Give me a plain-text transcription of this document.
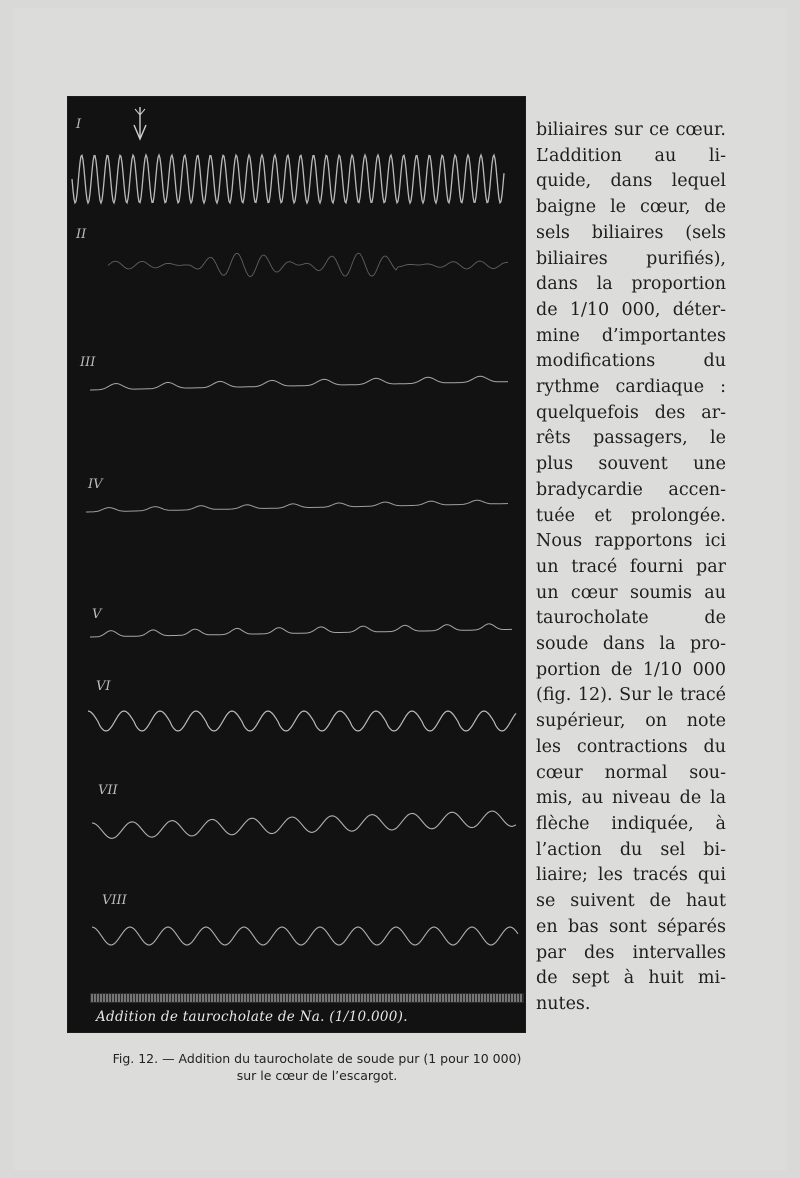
I
II
III
IV
V
VI
VII
VIII
Addition de taurocholate de Na. (1/10.000).
biliaires sur ce cœur.
L’addition au li-
quide, dans lequel
baigne le cœur, de
sels biliaires (sels
biliaires purifiés),
dans la proportion
de 1/10 000, déter-
mine d’importantes
modifications du
rythme cardiaque :
quelquefois des ar-
rêts passagers, le
plus souvent une
bradycardie accen-
tuée et prolongée.
Nous rapportons ici
un tracé fourni par
un cœur soumis au
taurocholate de
soude dans la pro-
portion de 1/10 000
(fig. 12). Sur le tracé
supérieur, on note
les contractions du
cœur normal sou-
mis, au niveau de la
flèche indiquée, à
l’action du sel bi-
liaire; les tracés qui
se suivent de haut
en bas sont séparés
par des intervalles
de sept à huit mi-
nutes.
Fig. 12. — Addition du taurocholate de soude pur (1 pour 10 000)
sur le cœur de l’escargot.
